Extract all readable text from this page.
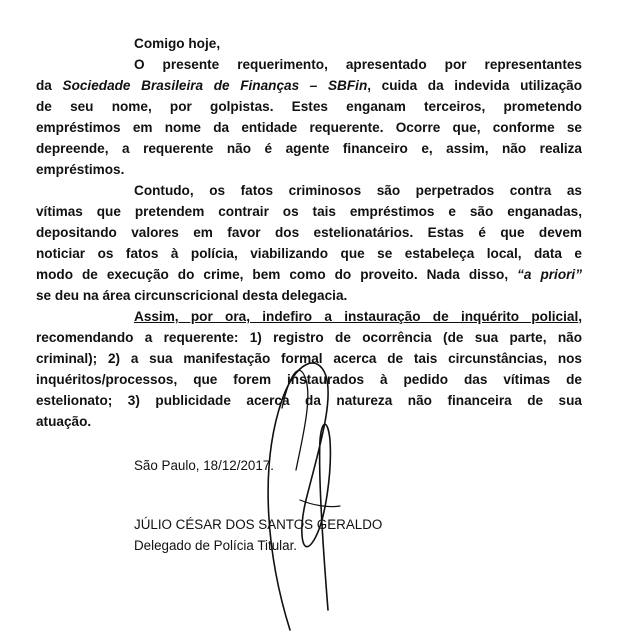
Comigo hoje,
O presente requerimento, apresentado por representantes
da Sociedade Brasileira de Finanças – SBFin, cuida da indevida utilização
de seu nome, por golpistas. Estes enganam terceiros, prometendo
empréstimos em nome da entidade requerente. Ocorre que, conforme se
depreende, a requerente não é agente financeiro e, assim, não realiza
empréstimos.
Contudo, os fatos criminosos são perpetrados contra as
vítimas que pretendem contrair os tais empréstimos e são enganadas,
depositando valores em favor dos estelionatários. Estas é que devem
noticiar os fatos à polícia, viabilizando que se estabeleça local, data e
modo de execução do crime, bem como do proveito. Nada disso, “a priori”
se deu na área circunscricional desta delegacia.
Assim, por ora, indefiro a instauração de inquérito policial,
recomendando a requerente: 1) registro de ocorrência (de sua parte, não
criminal); 2) a sua manifestação formal acerca de tais circunstâncias, nos
inquéritos/processos, que forem instaurados à pedido das vítimas de
estelionato; 3) publicidade acerca da natureza não financeira de sua
atuação.
São Paulo, 18/12/2017.
JÚLIO CÉSAR DOS SANTOS GERALDO
Delegado de Polícia Titular.
